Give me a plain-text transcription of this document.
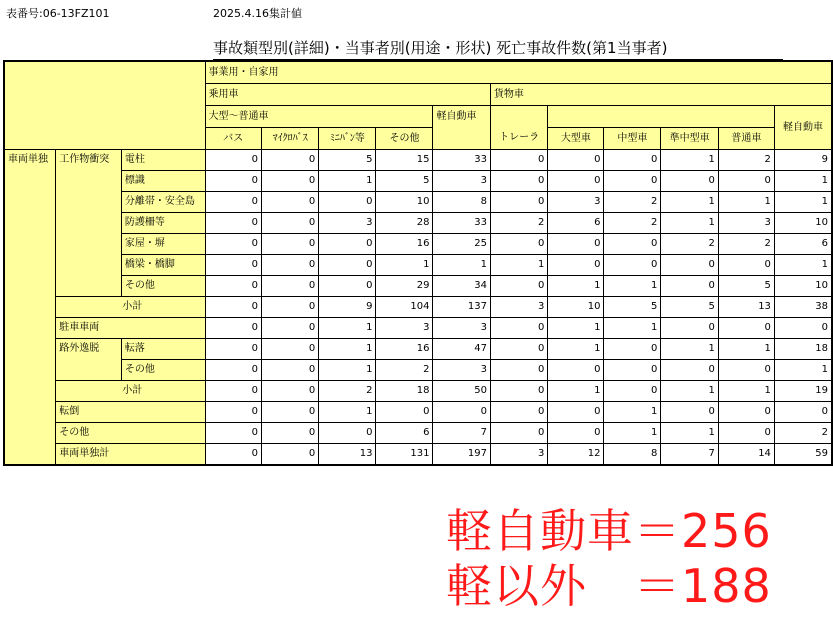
表番号:06-13FZ101	2025.4.16集計値
事故類型別(詳細)・当事者別(用途・形状) 死亡事故件数(第1当事者)
			事業用・自家用										
			乗用車					貨物車					
			大型～普通車				軽自動車	トレーラ					軽自動車
			バス	ﾏｲｸﾛﾊﾞｽ	ﾐﾆﾊﾞﾝ等	その他			大型車	中型車	準中型車	普通車	
車両単独	工作物衝突	電柱	0	0	5	15	33	0	0	0	1	2	9
		標識	0	0	1	5	3	0	0	0	0	0	1
		分離帯・安全島	0	0	0	10	8	0	3	2	1	1	1
		防護柵等	0	0	3	28	33	2	6	2	1	3	10
		家屋・塀	0	0	0	16	25	0	0	0	2	2	6
		橋梁・橋脚	0	0	0	1	1	1	0	0	0	0	1
		その他	0	0	0	29	34	0	1	1	0	5	10
	小計		0	0	9	104	137	3	10	5	5	13	38
	駐車車両		0	0	1	3	3	0	1	1	0	0	0
	路外逸脱	転落	0	0	1	16	47	0	1	0	1	1	18
		その他	0	0	1	2	3	0	0	0	0	0	1
	小計		0	0	2	18	50	0	1	0	1	1	19
	転倒		0	0	1	0	0	0	0	1	0	0	0
	その他		0	0	0	6	7	0	0	1	1	0	2
	車両単独計		0	0	13	131	197	3	12	8	7	14	59
軽自動車＝256
軽以外　＝188
